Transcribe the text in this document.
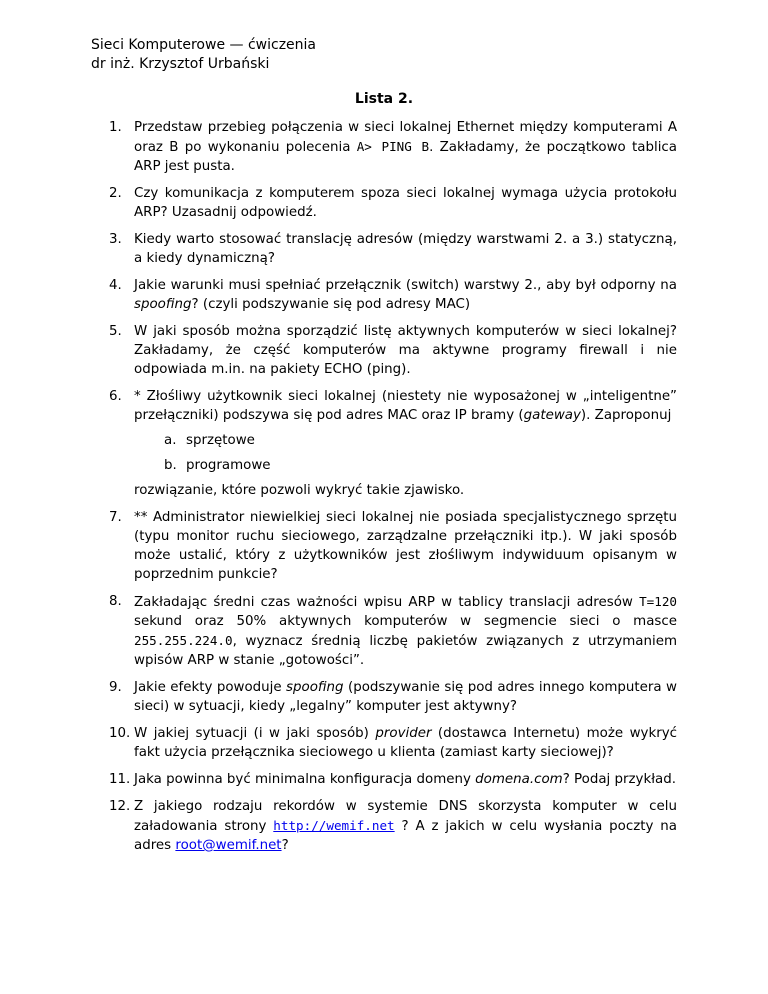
Sieci Komputerowe — ćwiczenia
dr inż. Krzysztof Urbański
Lista 2.
1. Przedstaw przebieg połączenia w sieci lokalnej Ethernet między komputerami A oraz B po wykonaniu polecenia A> PING B. Zakładamy, że początkowo tablica ARP jest pusta.
2. Czy komunikacja z komputerem spoza sieci lokalnej wymaga użycia protokołu ARP? Uzasadnij odpowiedź.
3. Kiedy warto stosować translację adresów (między warstwami 2. a 3.) statyczną, a kiedy dynamiczną?
4. Jakie warunki musi spełniać przełącznik (switch) warstwy 2., aby był odporny na spoofing? (czyli podszywanie się pod adresy MAC)
5. W jaki sposób można sporządzić listę aktywnych komputerów w sieci lokalnej? Zakładamy, że część komputerów ma aktywne programy firewall i nie odpowiada m.in. na pakiety ECHO (ping).
6. * Złośliwy użytkownik sieci lokalnej (niestety nie wyposażonej w „inteligentne” przełączniki) podszywa się pod adres MAC oraz IP bramy (gateway). Zaproponuj
a. sprzętowe
b. programowe
rozwiązanie, które pozwoli wykryć takie zjawisko.
7. ** Administrator niewielkiej sieci lokalnej nie posiada specjalistycznego sprzętu (typu monitor ruchu sieciowego, zarządzalne przełączniki itp.). W jaki sposób może ustalić, który z użytkowników jest złośliwym indywiduum opisanym w poprzednim punkcie?
8. Zakładając średni czas ważności wpisu ARP w tablicy translacji adresów T=120 sekund oraz 50% aktywnych komputerów w segmencie sieci o masce 255.255.224.0, wyznacz średnią liczbę pakietów związanych z utrzymaniem wpisów ARP w stanie „gotowości”.
9. Jakie efekty powoduje spoofing (podszywanie się pod adres innego komputera w sieci) w sytuacji, kiedy „legalny” komputer jest aktywny?
10. W jakiej sytuacji (i w jaki sposób) provider (dostawca Internetu) może wykryć fakt użycia przełącznika sieciowego u klienta (zamiast karty sieciowej)?
11. Jaka powinna być minimalna konfiguracja domeny domena.com? Podaj przykład.
12. Z jakiego rodzaju rekordów w systemie DNS skorzysta komputer w celu załadowania strony http://wemif.net ? A z jakich w celu wysłania poczty na adres root@wemif.net?
